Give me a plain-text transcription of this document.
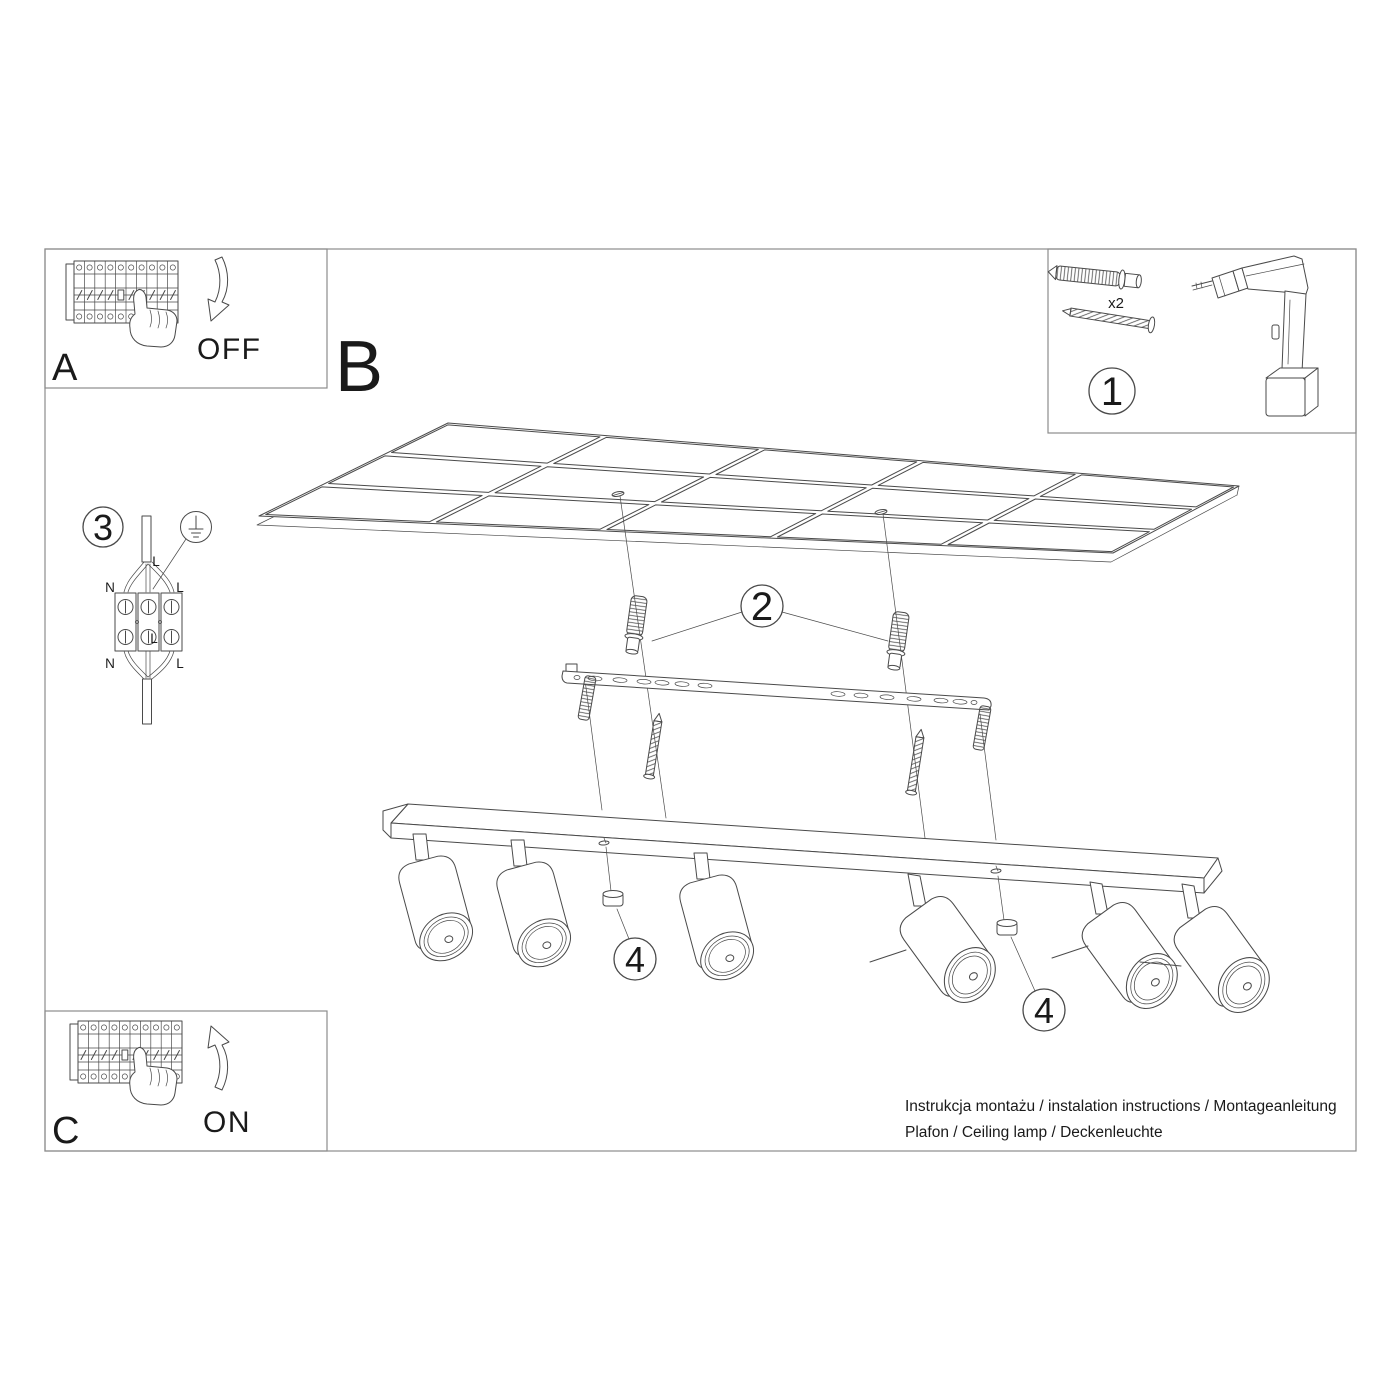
A	OFF
C	ON
B
x2
1
3
L
N	L
L
N	L
2
4
4
Instrukcja montażu / instalation instructions / Montageanleitung
Plafon / Ceiling lamp / Deckenleuchte
